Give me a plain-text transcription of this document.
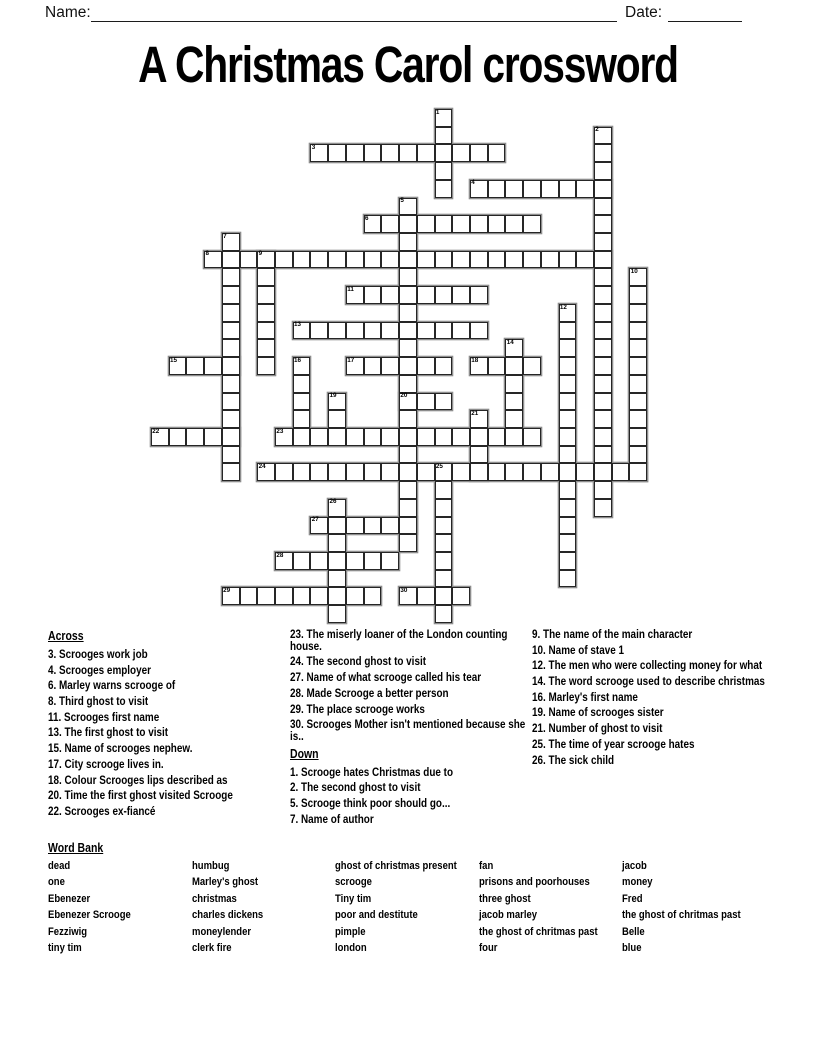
Name:	Date:
A Christmas Carol crossword
1
2
3
4
5
6
7
8	9
10
11
12
13
14
15	16	17	18
19	20
21
22	23
24	25
26
27
28
29	30
Across
3. Scrooges work job
4. Scrooges employer
6. Marley warns scrooge of
8. Third ghost to visit
11. Scrooges first name
13. The first ghost to visit
15. Name of scrooges nephew.
17. City scrooge lives in.
18. Colour Scrooges lips described as
20. Time the first ghost visited Scrooge
22. Scrooges ex-fiancé
23. The miserly loaner of the London counting house.
24. The second ghost to visit
27. Name of what scrooge called his tear
28. Made Scrooge a better person
29. The place scrooge works
30. Scrooges Mother isn't mentioned because she is..
Down
1. Scrooge hates Christmas due to
2. The second ghost to visit
5. Scrooge think poor should go...
7. Name of author
9. The name of the main character
10. Name of stave 1
12. The men who were collecting money for what
14. The word scrooge used to describe christmas
16. Marley's first name
19. Name of scrooges sister
21. Number of ghost to visit
25. The time of year scrooge hates
26. The sick child
Word Bank
dead
one
Ebenezer
Ebenezer Scrooge
Fezziwig
tiny tim
humbug
Marley's ghost
christmas
charles dickens
moneylender
clerk fire
ghost of christmas present
scrooge
Tiny tim
poor and destitute
pimple
london
fan
prisons and poorhouses
three ghost
jacob marley
the ghost of chritmas past
four
jacob
money
Fred
the ghost of chritmas past
Belle
blue
